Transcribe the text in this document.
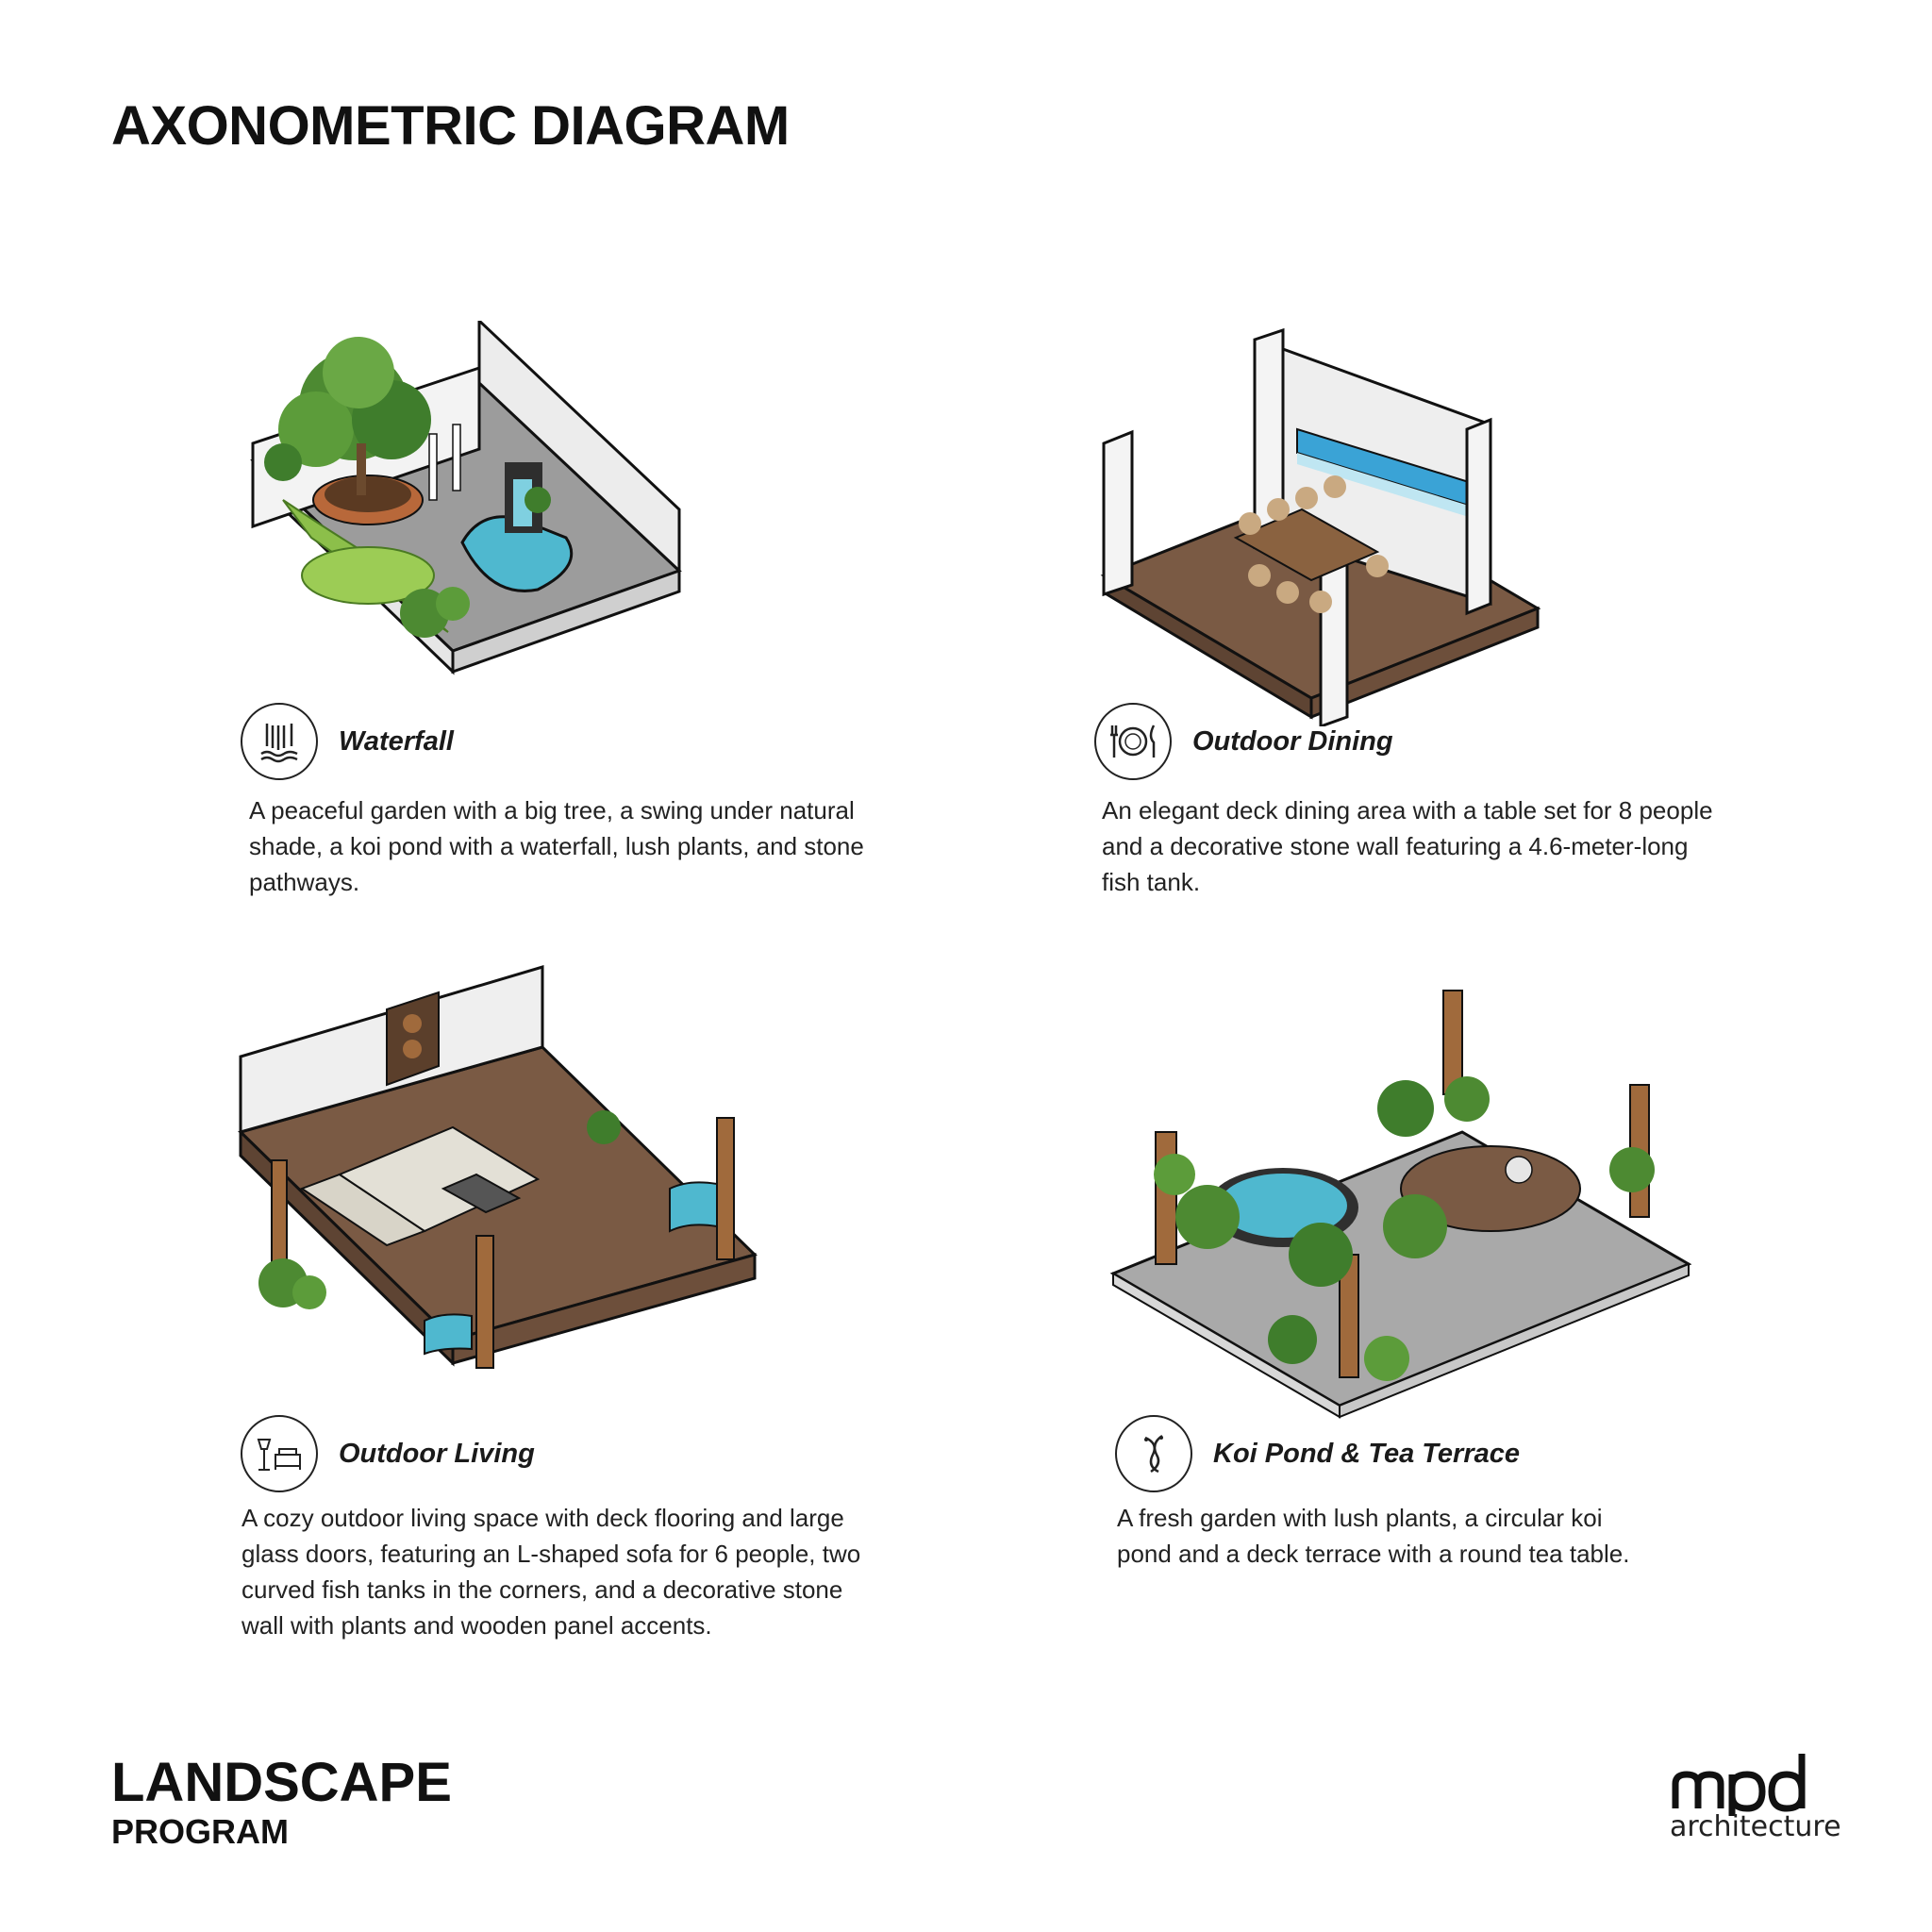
AXONOMETRIC DIAGRAM
Waterfall

A peaceful garden with a big tree, a swing under natural
shade, a koi pond with a waterfall, lush plants, and stone
pathways.

Outdoor Dining

An elegant deck dining area with a table set for 8 people
and a decorative stone wall featuring a 4.6-meter-long
fish tank.

Outdoor Living

A cozy outdoor living space with deck flooring and large
glass doors, featuring an L-shaped sofa for 6 people, two
curved fish tanks in the corners, and a decorative stone
wall with plants and wooden panel accents.

Koi Pond & Tea Terrace

A fresh garden with lush plants, a circular koi
pond and a deck terrace with a round tea table.

LANDSCAPE
PROGRAM	architecture
